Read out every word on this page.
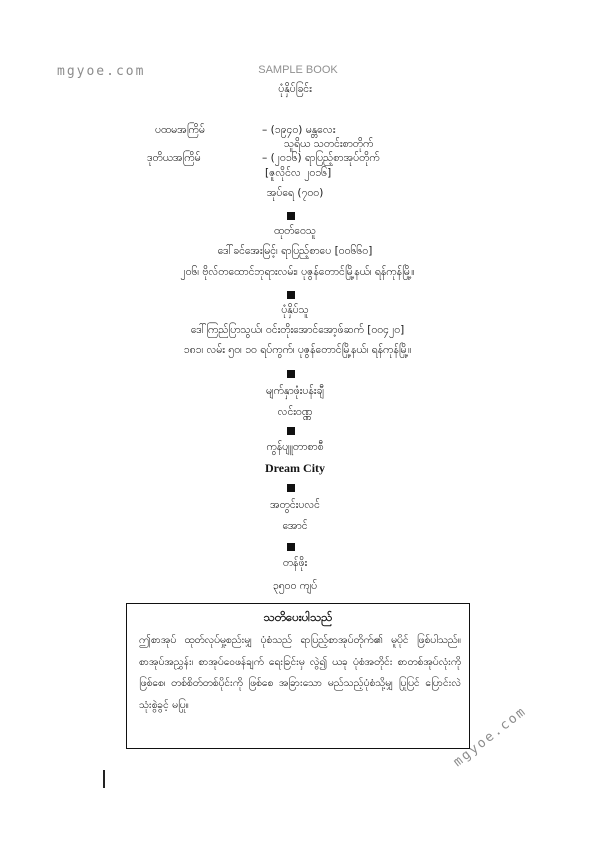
mgyoe.com	SAMPLE BOOK
mgyoe.com
ပုံနှိပ်ခြင်း
ပထမအကြိမ်	– (၁၉၄၀) မန္တလေး
သူရိယ သတင်းစာတိုက်
ဒုတိယအကြိမ်	– (၂၀၁၆) ရာပြည့်စာအုပ်တိုက်
[ဇူလိုင်လ ၂၀၁၆]
အုပ်ရေ (၇၀၀)
ထုတ်ဝေသူ
ဒေါ်ခင်အေးမြင့်၊ ရာပြည့်စာပေ [၀၀၆၆၀]
၂၀၆၊ ဗိုလ်တထောင်ဘုရားလမ်း၊ ပုဇွန်တောင်မြို့နယ်၊ ရန်ကုန်မြို့။
ပုံနှိပ်သူ
ဒေါ်ကြည်ပြာသွယ်၊ ဝင်းတိုးအောင်အော့ဖ်ဆက် [၀၀၄၂၀]
၁၈၁၊ လမ်း ၅၀၊ ၁၀ ရပ်ကွက်၊ ပုဇွန်တောင်မြို့နယ်၊ ရန်ကုန်မြို့။
မျက်နှာဖုံးပန်းချီ
လင်းဝဏ္ဏ
ကွန်ပျူတာစာစီ
Dream City
အတွင်းပလင်
အောင်
တန်ဖိုး
၃၅၀၀ ကျပ်
သတိပေးပါသည်
ဤစာအုပ် ထုတ်လုပ်မှု့စည်းမျှ ပုံစံသည် ရာပြည့်စာအုပ်တိုက်၏ မူပိုင် ဖြစ်ပါသည်။ စာအုပ်အညွှန်း၊ စာအုပ်ဝေဖန်ချက် ရေးခြင်းမှ လွဲ၍ ယခု ပုံစံအတိုင်း စာတစ်အုပ်လုံးကိုဖြစ်စေ၊ တစ်စိတ်တစ်ပိုင်းကို ဖြစ်စေ အခြားသော မည်သည့်ပုံစံသို့မျှ ပြုပြင် ပြောင်းလဲ သုံးစွဲခွင့် မပြု။
